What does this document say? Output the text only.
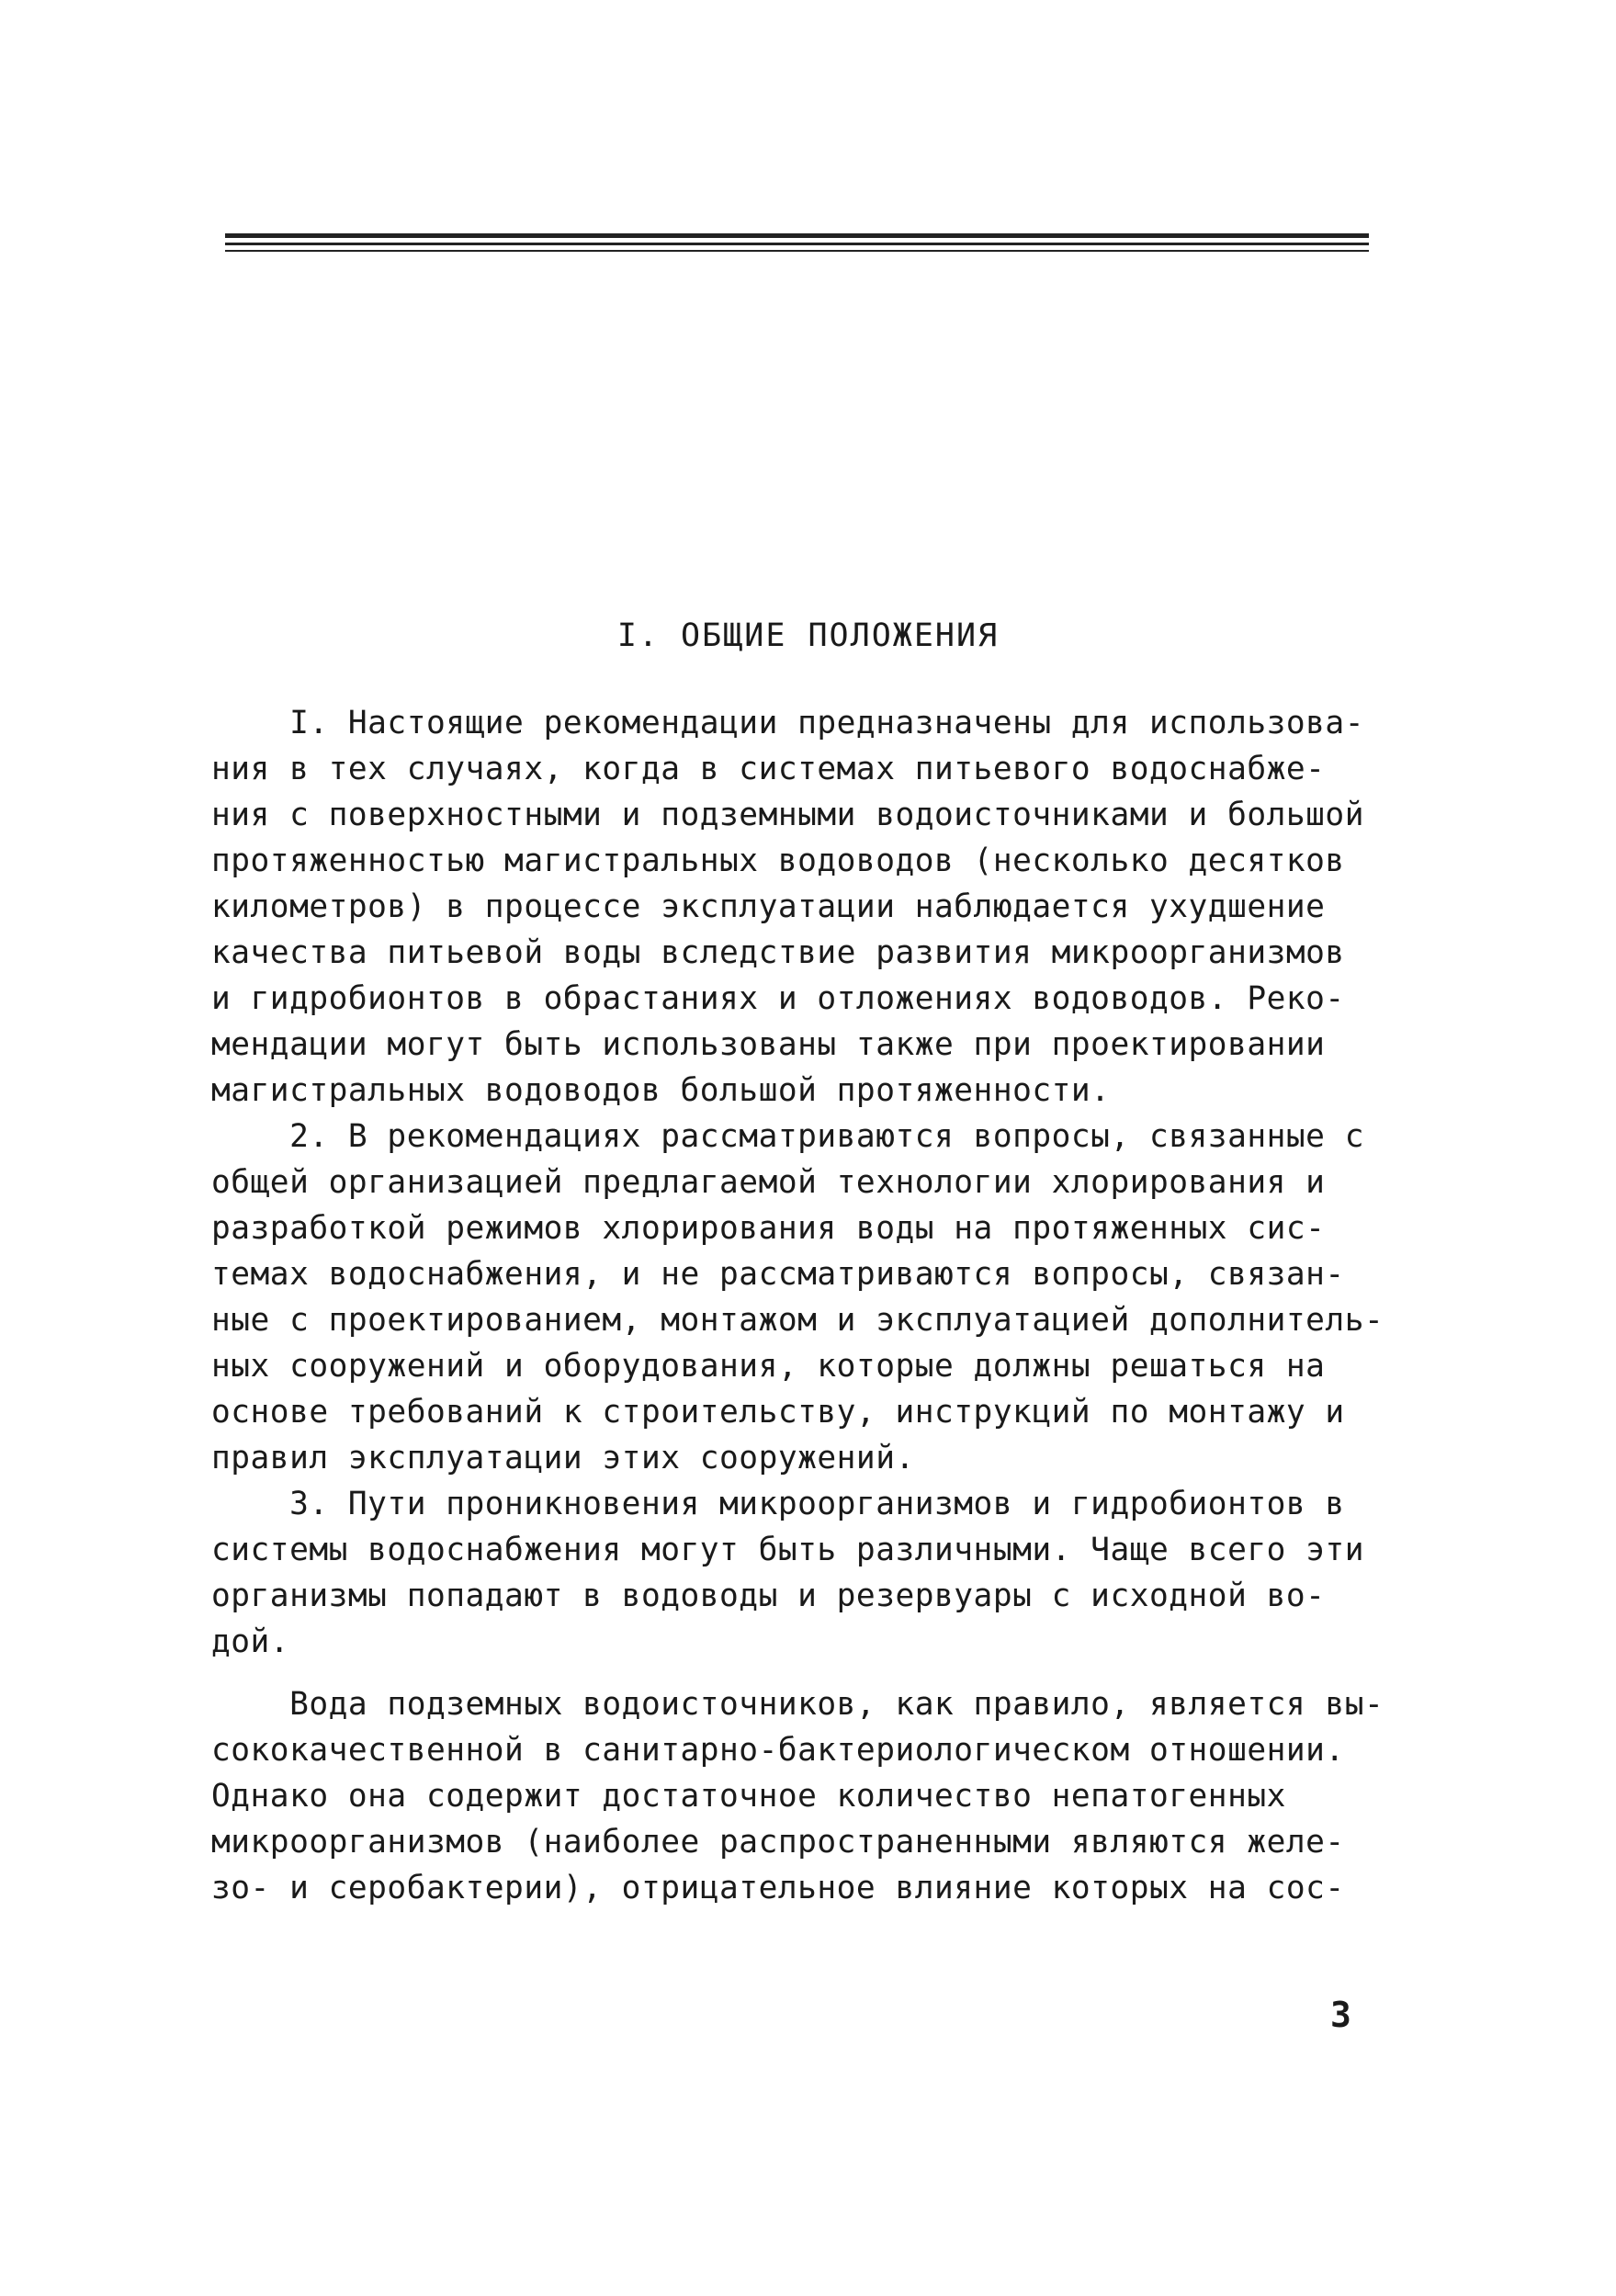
I. ОБЩИЕ ПОЛОЖЕНИЯ
I. Настоящие рекомендации предназначены для использова-
ния в тех случаях, когда в системах питьевого водоснабже-
ния с поверхностными и подземными водоисточниками и большой
протяженностью магистральных водоводов (несколько десятков
километров) в процессе эксплуатации наблюдается ухудшение
качества питьевой воды вследствие развития микроорганизмов
и гидробионтов в обрастаниях и отложениях водоводов. Реко-
мендации могут быть использованы также при проектировании
магистральных водоводов большой протяженности.
2. В рекомендациях рассматриваются вопросы, связанные с
общей организацией предлагаемой технологии хлорирования и
разработкой режимов хлорирования воды на протяженных сис-
темах водоснабжения, и не рассматриваются вопросы, связан-
ные с проектированием, монтажом и эксплуатацией дополнитель-
ных сооружений и оборудования, которые должны решаться на
основе требований к строительству, инструкций по монтажу и
правил эксплуатации этих сооружений.
3. Пути проникновения микроорганизмов и гидробионтов в
системы водоснабжения могут быть различными. Чаще всего эти
организмы попадают в водоводы и резервуары с исходной во-
дой.
Вода подземных водоисточников, как правило, является вы-
сококачественной в санитарно-бактериологическом отношении.
Однако она содержит достаточное количество непатогенных
микроорганизмов (наиболее распространенными являются желе-
зо- и серобактерии), отрицательное влияние которых на сос-
3
